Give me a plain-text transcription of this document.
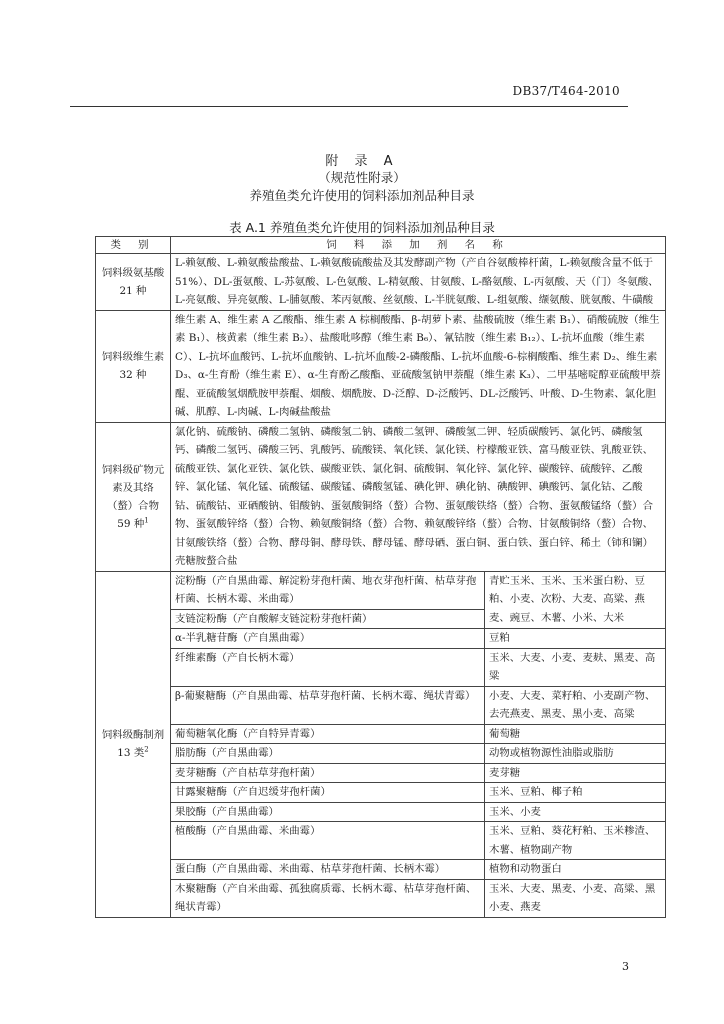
DB37/T464-2010
附 录 A
（规范性附录）
养殖鱼类允许使用的饲料添加剂品种目录
表 A.1 养殖鱼类允许使用的饲料添加剂品种目录
类 别	饲 料 添 加 剂 名 称	
饲料级氨基酸 21 种	L-赖氨酸、L-赖氨酸盐酸盐、L-赖氨酸硫酸盐及其发酵副产物（产自谷氨酸棒杆菌，L-赖氨酸含量不低于 51%）、DL-蛋氨酸、L-苏氨酸、L-色氨酸、L-精氨酸、甘氨酸、L-酪氨酸、L-丙氨酸、天（门）冬氨酸、L-亮氨酸、异亮氨酸、L-脯氨酸、苯丙氨酸、丝氨酸、L-半胱氨酸、L-组氨酸、缬氨酸、胱氨酸、牛磺酸	
饲料级维生素 32 种	维生素 A、维生素 A 乙酸酯、维生素 A 棕榈酸酯、β-胡萝卜素、盐酸硫胺（维生素 B₁）、硝酸硫胺（维生素 B₁）、核黄素（维生素 B₂）、盐酸吡哆醇（维生素 B₆）、氰钴胺（维生素 B₁₂）、L-抗坏血酸（维生素 C）、L-抗坏血酸钙、L-抗坏血酸钠、L-抗坏血酸-2-磷酸酯、L-抗坏血酸-6-棕榈酸酯、维生素 D₂、维生素 D₃、α-生育酚（维生素 E）、α-生育酚乙酸酯、亚硫酸氢钠甲萘醌（维生素 K₃）、二甲基嘧啶醇亚硫酸甲萘醌、亚硫酸氢烟酰胺甲萘醌、烟酸、烟酰胺、D-泛醇、D-泛酸钙、DL-泛酸钙、叶酸、D-生物素、氯化胆碱、肌醇、L-肉碱、L-肉碱盐酸盐	
饲料级矿物元素及其络（螯）合物 59 种$^1$	氯化钠、硫酸钠、磷酸二氢钠、磷酸氢二钠、磷酸二氢钾、磷酸氢二钾、轻质碳酸钙、氯化钙、磷酸氢钙、磷酸二氢钙、磷酸三钙、乳酸钙、硫酸镁、氧化镁、氯化镁、柠檬酸亚铁、富马酸亚铁、乳酸亚铁、硫酸亚铁、氯化亚铁、氯化铁、碳酸亚铁、氯化铜、硫酸铜、氧化锌、氯化锌、碳酸锌、硫酸锌、乙酸锌、氯化锰、氧化锰、硫酸锰、碳酸锰、磷酸氢锰、碘化钾、碘化钠、碘酸钾、碘酸钙、氯化钴、乙酸钴、硫酸钴、亚硒酸钠、钼酸钠、蛋氨酸铜络（螯）合物、蛋氨酸铁络（螯）合物、蛋氨酸锰络（螯）合物、蛋氨酸锌络（螯）合物、赖氨酸铜络（螯）合物、赖氨酸锌络（螯）合物、甘氨酸铜络（螯）合物、甘氨酸铁络（螯）合物、酵母铜、酵母铁、酵母锰、酵母硒、蛋白铜、蛋白铁、蛋白锌、稀土（铈和镧）壳糖胺螯合盐	
饲料级酶制剂 13 类$^2$	淀粉酶（产自黑曲霉、解淀粉芽孢杆菌、地衣芽孢杆菌、枯草芽孢杆菌、长柄木霉、米曲霉）	青贮玉米、玉米、玉米蛋白粉、豆粕、小麦、次粉、大麦、高粱、燕麦、豌豆、木薯、小米、大米
	支链淀粉酶（产自酸解支链淀粉芽孢杆菌）	
	α-半乳糖苷酶（产自黑曲霉）	豆粕
	纤维素酶（产自长柄木霉）	玉米、大麦、小麦、麦麸、黑麦、高粱
	β-葡聚糖酶（产自黑曲霉、枯草芽孢杆菌、长柄木霉、绳状青霉）	小麦、大麦、菜籽粕、小麦副产物、去壳燕麦、黑麦、黑小麦、高粱
	葡萄糖氧化酶（产自特异青霉）	葡萄糖
	脂肪酶（产自黑曲霉）	动物或植物源性油脂或脂肪
	麦芽糖酶（产自枯草芽孢杆菌）	麦芽糖
	甘露聚糖酶（产自迟缓芽孢杆菌）	玉米、豆粕、椰子粕
	果胶酶（产自黑曲霉）	玉米、小麦
	植酸酶（产自黑曲霉、米曲霉）	玉米、豆粕、葵花籽粕、玉米糁渣、木薯、植物副产物
	蛋白酶（产自黑曲霉、米曲霉、枯草芽孢杆菌、长柄木霉）	植物和动物蛋白
	木聚糖酶（产自米曲霉、孤独腐质霉、长柄木霉、枯草芽孢杆菌、绳状青霉）	玉米、大麦、黑麦、小麦、高粱、黑小麦、燕麦
3
